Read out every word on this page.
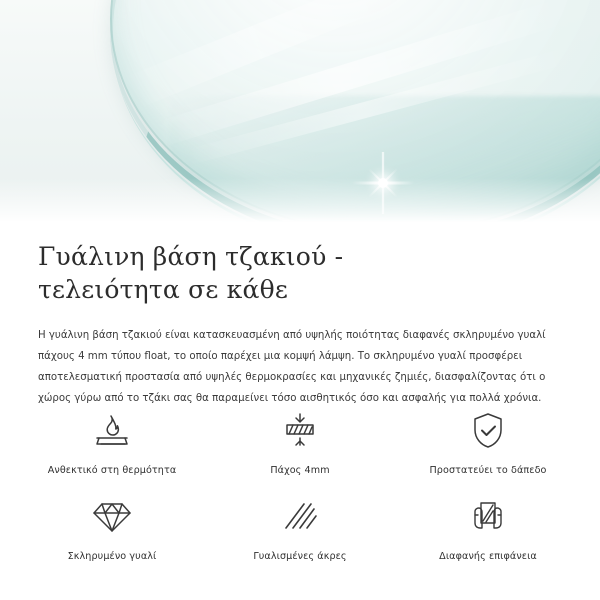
Γυάλινη βάση τζακιού -
τελειότητα σε κάθε

Η γυάλινη βάση τζακιού είναι κατασκευασμένη από υψηλής ποιότητας διαφανές σκληρυμένο γυαλί πάχους 4 mm τύπου float, το οποίο παρέχει μια κομψή λάμψη. Το σκληρυμένο γυαλί προσφέρει αποτελεσματική προστασία από υψηλές θερμοκρασίες και μηχανικές ζημιές, διασφαλίζοντας ότι ο χώρος γύρω από το τζάκι σας θα παραμείνει τόσο αισθητικός όσο και ασφαλής για πολλά χρόνια.

Ανθεκτικό στη θερμότητα	Πάχος 4mm	Προστατεύει το δάπεδο
Σκληρυμένο γυαλί	Γυαλισμένες άκρες	Διαφανής επιφάνεια
